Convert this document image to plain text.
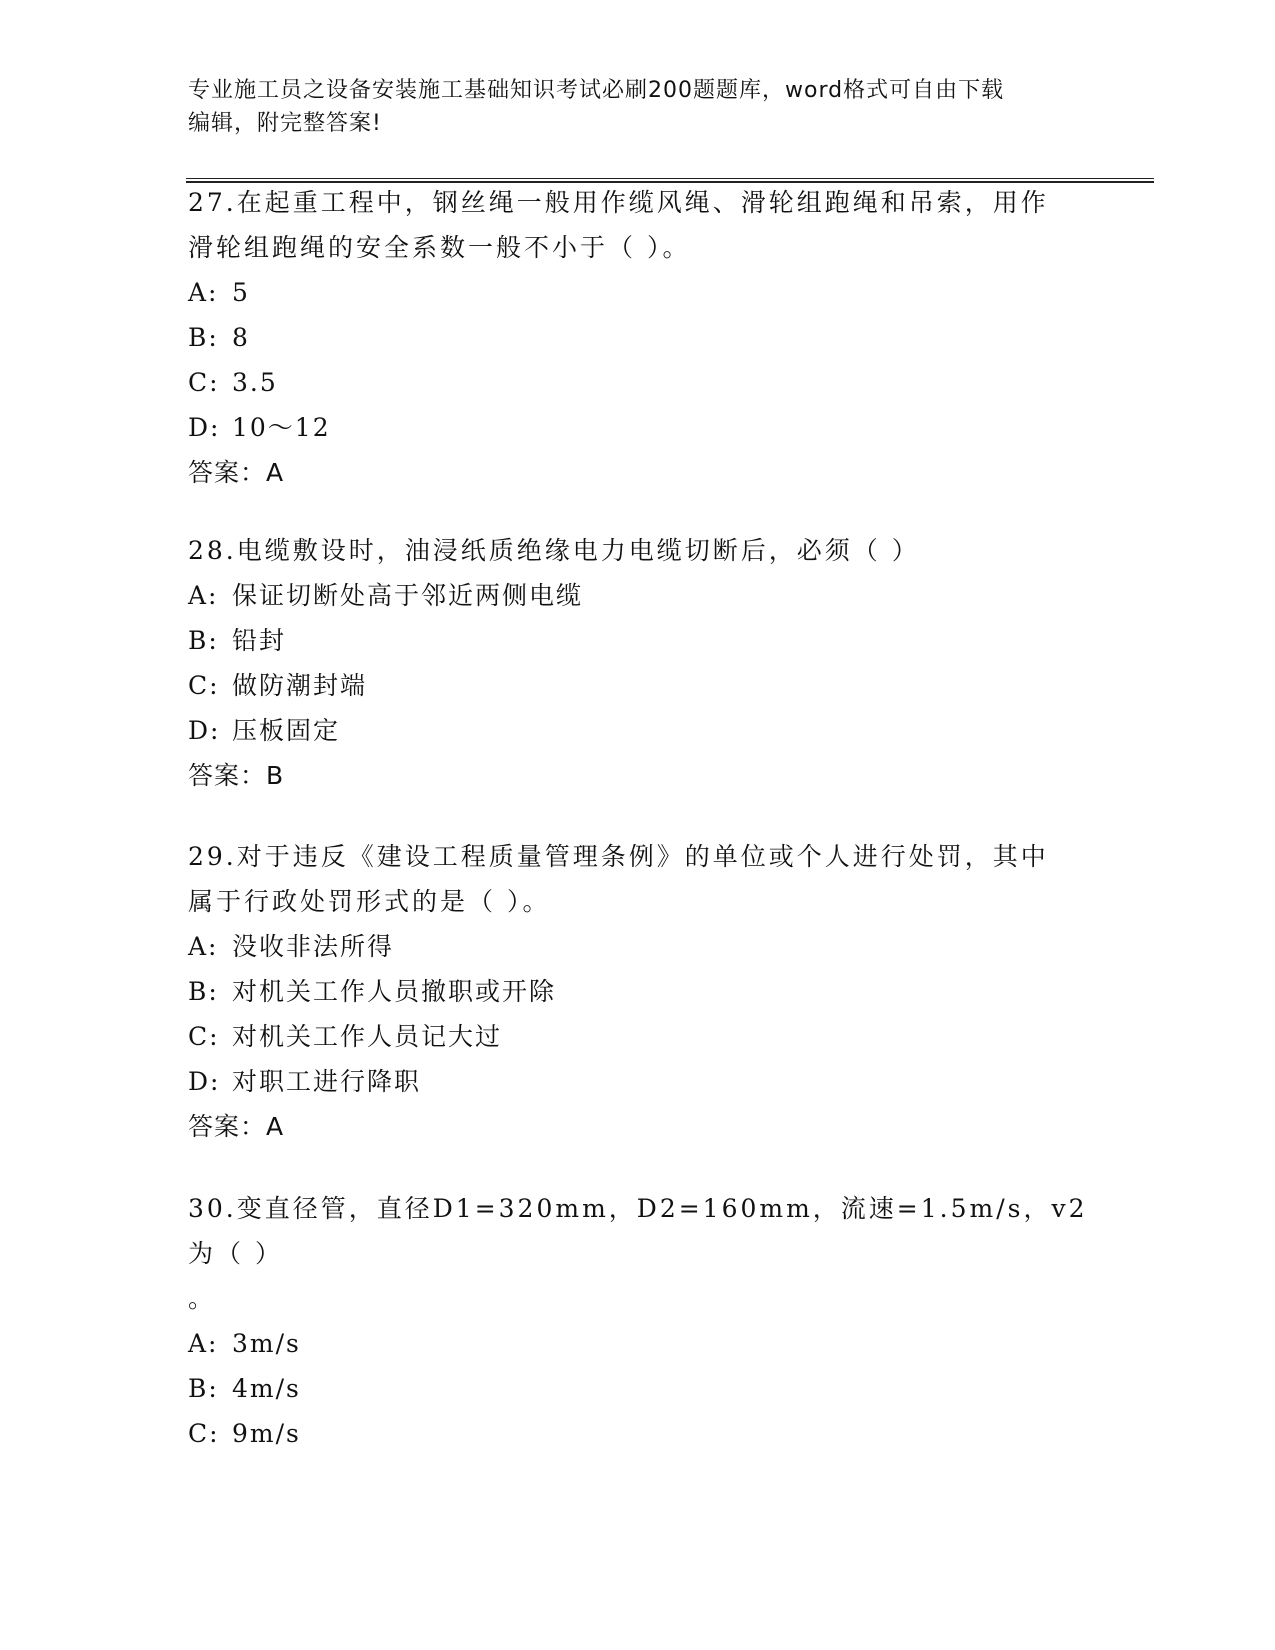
专业施工员之设备安装施工基础知识考试必刷200题题库，word格式可自由下载
编辑，附完整答案!

27.在起重工程中，钢丝绳一般用作缆风绳、滑轮组跑绳和吊索，用作

滑轮组跑绳的安全系数一般不小于（ ）。

A: 5

B: 8

C: 3.5

D: 10～12

答案：A

28.电缆敷设时，油浸纸质绝缘电力电缆切断后，必须（ ）

A: 保证切断处高于邻近两侧电缆

B: 铅封

C: 做防潮封端

D: 压板固定

答案：B

29.对于违反《建设工程质量管理条例》的单位或个人进行处罚，其中

属于行政处罚形式的是（ ）。

A: 没收非法所得

B: 对机关工作人员撤职或开除

C: 对机关工作人员记大过

D: 对职工进行降职

答案：A

30.变直径管，直径D1=320mm，D2=160mm，流速=1.5m/s，v2为（ ）

。

A: 3m/s

B: 4m/s

C: 9m/s
